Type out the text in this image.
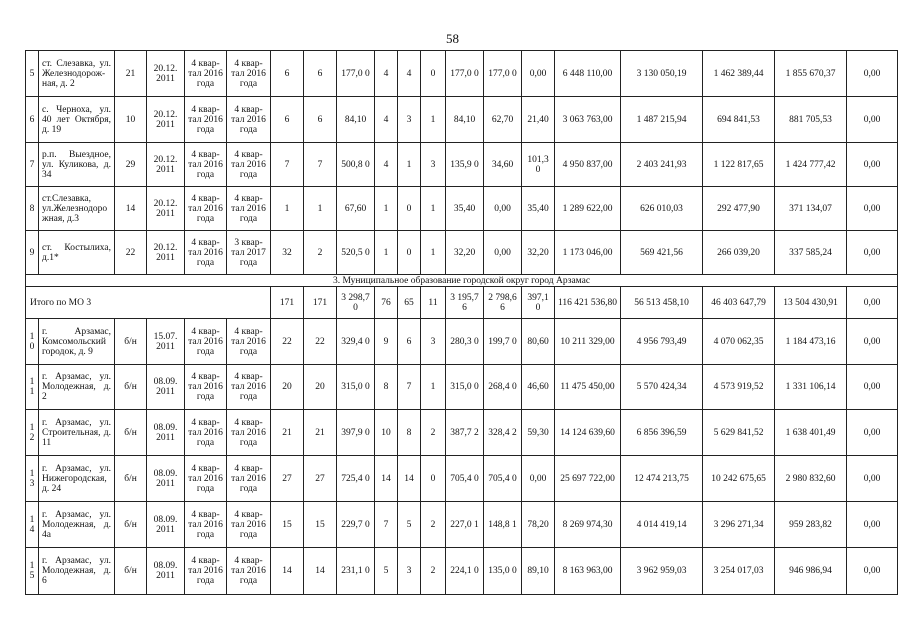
58
5	ст. Слезавка, ул. Железнодорож-ная, д. 2	21	20.12. 2011	4 квар-тал 2016 года	4 квар-тал 2016 года	6	6	177,0 0	4	4	0	177,0 0	177,0 0	0,00	6 448 110,00	3 130 050,19	1 462 389,44	1 855 670,37	0,00
6	с. Черноха, ул. 40 лет Октября, д. 19	10	20.12. 2011	4 квар-тал 2016 года	4 квар-тал 2016 года	6	6	84,10	4	3	1	84,10	62,70	21,40	3 063 763,00	1 487 215,94	694 841,53	881 705,53	0,00
7	р.п. Выездное, ул. Куликова, д. 34	29	20.12. 2011	4 квар-тал 2016 года	4 квар-тал 2016 года	7	7	500,8 0	4	1	3	135,9 0	34,60	101,3 0	4 950 837,00	2 403 241,93	1 122 817,65	1 424 777,42	0,00
8	ст.Слезавка, ул.Железнодоро жная, д.3	14	20.12. 2011	4 квар-тал 2016 года	4 квар-тал 2016 года	1	1	67,60	1	0	1	35,40	0,00	35,40	1 289 622,00	626 010,03	292 477,90	371 134,07	0,00
9	ст. Костылиха, д.1*	22	20.12. 2011	4 квар-тал 2016 года	3 квар-тал 2017 года	32	2	520,5 0	1	0	1	32,20	0,00	32,20	1 173 046,00	569 421,56	266 039,20	337 585,24	0,00
3. Муниципальное образование городской округ город Арзамас																			
Итого по МО 3						171	171	3 298,7 0	76	65	11	3 195,7 6	2 798,6 6	397,1 0	116 421 536,80	56 513 458,10	46 403 647,79	13 504 430,91	0,00
1 0	г. Арзамас, Комсомольский городок, д. 9	б/н	15.07. 2011	4 квар-тал 2016 года	4 квар-тал 2016 года	22	22	329,4 0	9	6	3	280,3 0	199,7 0	80,60	10 211 329,00	4 956 793,49	4 070 062,35	1 184 473,16	0,00
1 1	г. Арзамас, ул. Молодежная, д. 2	б/н	08.09. 2011	4 квар-тал 2016 года	4 квар-тал 2016 года	20	20	315,0 0	8	7	1	315,0 0	268,4 0	46,60	11 475 450,00	5 570 424,34	4 573 919,52	1 331 106,14	0,00
1 2	г. Арзамас, ул. Строительная, д. 11	б/н	08.09. 2011	4 квар-тал 2016 года	4 квар-тал 2016 года	21	21	397,9 0	10	8	2	387,7 2	328,4 2	59,30	14 124 639,60	6 856 396,59	5 629 841,52	1 638 401,49	0,00
1 3	г. Арзамас, ул. Нижегородская, д. 24	б/н	08.09. 2011	4 квар-тал 2016 года	4 квар-тал 2016 года	27	27	725,4 0	14	14	0	705,4 0	705,4 0	0,00	25 697 722,00	12 474 213,75	10 242 675,65	2 980 832,60	0,00
1 4	г. Арзамас, ул. Молодежная, д. 4а	б/н	08.09. 2011	4 квар-тал 2016 года	4 квар-тал 2016 года	15	15	229,7 0	7	5	2	227,0 1	148,8 1	78,20	8 269 974,30	4 014 419,14	3 296 271,34	959 283,82	0,00
1 5	г. Арзамас, ул. Молодежная, д. 6	б/н	08.09. 2011	4 квар-тал 2016 года	4 квар-тал 2016 года	14	14	231,1 0	5	3	2	224,1 0	135,0 0	89,10	8 163 963,00	3 962 959,03	3 254 017,03	946 986,94	0,00
